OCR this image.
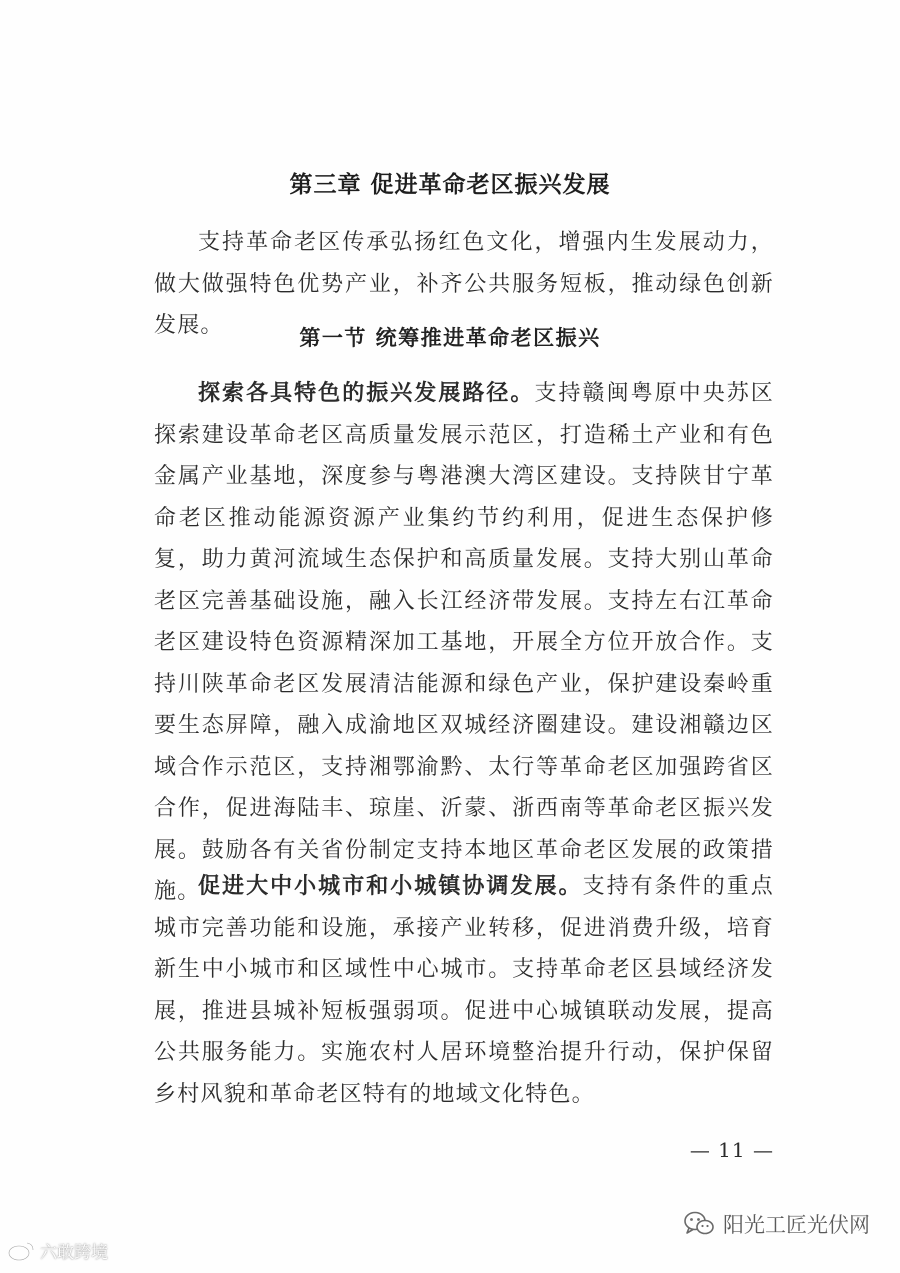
第三章 促进革命老区振兴发展

支持革命老区传承弘扬红色文化，增强内生发展动力，做大做强特色优势产业，补齐公共服务短板，推动绿色创新发展。	第一节 统筹推进革命老区振兴

探索各具特色的振兴发展路径。支持赣闽粤原中央苏区探索建设革命老区高质量发展示范区，打造稀土产业和有色金属产业基地，深度参与粤港澳大湾区建设。支持陕甘宁革命老区推动能源资源产业集约节约利用，促进生态保护修复，助力黄河流域生态保护和高质量发展。支持大别山革命老区完善基础设施，融入长江经济带发展。支持左右江革命老区建设特色资源精深加工基地，开展全方位开放合作。支持川陕革命老区发展清洁能源和绿色产业，保护建设秦岭重要生态屏障，融入成渝地区双城经济圈建设。建设湘赣边区域合作示范区，支持湘鄂渝黔、太行等革命老区加强跨省区合作，促进海陆丰、琼崖、沂蒙、浙西南等革命老区振兴发展。鼓励各有关省份制定支持本地区革命老区发展的政策措施。

促进大中小城市和小城镇协调发展。支持有条件的重点城市完善功能和设施，承接产业转移，促进消费升级，培育新生中小城市和区域性中心城市。支持革命老区县域经济发展，推进县城补短板强弱项。促进中心城镇联动发展，提高公共服务能力。实施农村人居环境整治提升行动，保护保留乡村风貌和革命老区特有的地域文化特色。

— 11 —
六敢跨境
阳光工匠光伏网
